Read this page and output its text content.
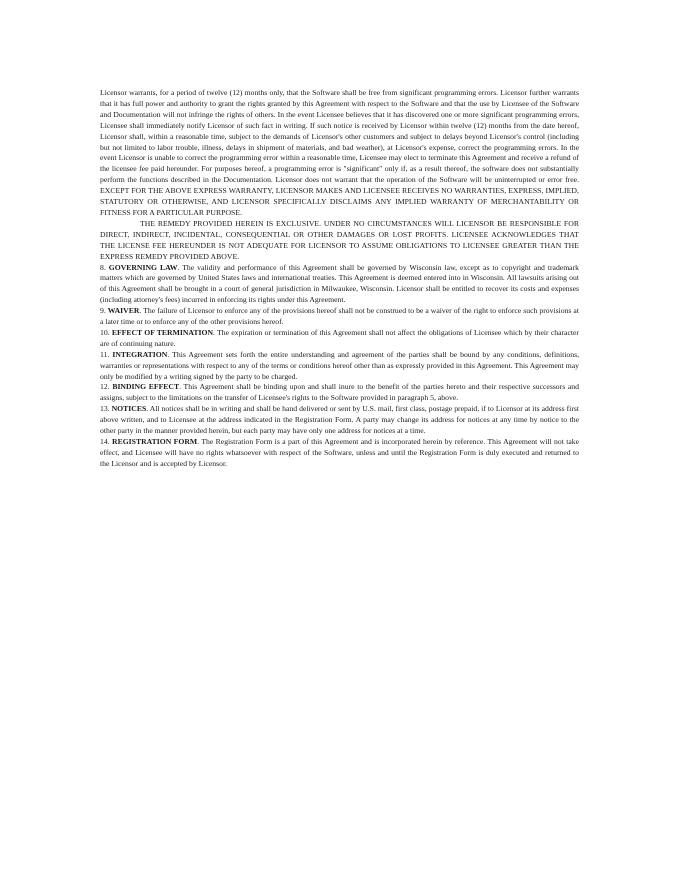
Licensor warrants, for a period of twelve (12) months only, that the Software shall be free from significant programming errors. Licensor further warrants that it has full power and authority to grant the rights granted by this Agreement with respect to the Software and that the use by Licensee of the Software and Documentation will not infringe the rights of others. In the event Licensee believes that it has discovered one or more significant programming errors, Licensee shall immediately notify Licensor of such fact in writing. If such notice is received by Licensor within twelve (12) months from the date hereof, Licensor shall, within a reasonable time, subject to the demands of Licensor's other customers and subject to delays beyond Licensor's control (including but not limited to labor trouble, illness, delays in shipment of materials, and bad weather), at Licensor's expense, correct the programming errors. In the event Licensor is unable to correct the programming error within a reasonable time, Licensee may elect to terminate this Agreement and receive a refund of the licensee fee paid hereunder. For purposes hereof, a programming error is "significant" only if, as a result thereof, the software does not substantially perform the functions described in the Documentation. Licensor does not warrant that the operation of the Software will be uninterrupted or error free. EXCEPT FOR THE ABOVE EXPRESS WARRANTY, LICENSOR MAKES AND LICENSEE RECEIVES NO WARRANTIES, EXPRESS, IMPLIED, STATUTORY OR OTHERWISE, AND LICENSOR SPECIFICALLY DISCLAIMS ANY IMPLIED WARRANTY OF MERCHANTABILITY OR FITNESS FOR A PARTICULAR PURPOSE.

THE REMEDY PROVIDED HEREIN IS EXCLUSIVE. UNDER NO CIRCUMSTANCES WILL LICENSOR BE RESPONSIBLE FOR DIRECT, INDIRECT, INCIDENTAL, CONSEQUENTIAL OR OTHER DAMAGES OR LOST PROFITS. LICENSEE ACKNOWLEDGES THAT THE LICENSE FEE HEREUNDER IS NOT ADEQUATE FOR LICENSOR TO ASSUME OBLIGATIONS TO LICENSEE GREATER THAN THE EXPRESS REMEDY PROVIDED ABOVE.

8. GOVERNING LAW. The validity and performance of this Agreement shall be governed by Wisconsin law, except as to copyright and trademark matters which are governed by United States laws and international treaties. This Agreement is deemed entered into in Wisconsin. All lawsuits arising out of this Agreement shall be brought in a court of general jurisdiction in Milwaukee, Wisconsin. Licensor shall be entitled to recover its costs and expenses (including attorney's fees) incurred in enforcing its rights under this Agreement.

9. WAIVER. The failure of Licensor to enforce any of the provisions hereof shall not be construed to be a waiver of the right to enforce such provisions at a later time or to enforce any of the other provisions hereof.

10. EFFECT OF TERMINATION. The expiration or termination of this Agreement shall not affect the obligations of Licensee which by their character are of continuing nature.

11. INTEGRATION. This Agreement sets forth the entire understanding and agreement of the parties shall be bound by any conditions, definitions, warranties or representations with respect to any of the terms or conditions hereof other than as expressly provided in this Agreement. This Agreement may only be modified by a writing signed by the party to be charged.

12. BINDING EFFECT. This Agreement shall be binding upon and shall inure to the benefit of the parties hereto and their respective successors and assigns, subject to the limitations on the transfer of Licensee's rights to the Software provided in paragraph 5, above.

13. NOTICES. All notices shall be in writing and shall be hand delivered or sent by U.S. mail, first class, postage prepaid, if to Licensor at its address first above written, and to Licensee at the address indicated in the Registration Form. A party may change its address for notices at any time by notice to the other party in the manner provided herein, but each party may have only one address for notices at a time.

14. REGISTRATION FORM. The Registration Form is a part of this Agreement and is incorporated herein by reference. This Agreement will not take effect, and Licensee will have no rights whatsoever with respect of the Software, unless and until the Registration Form is duly executed and returned to the Licensor and is accepted by Licensor.
